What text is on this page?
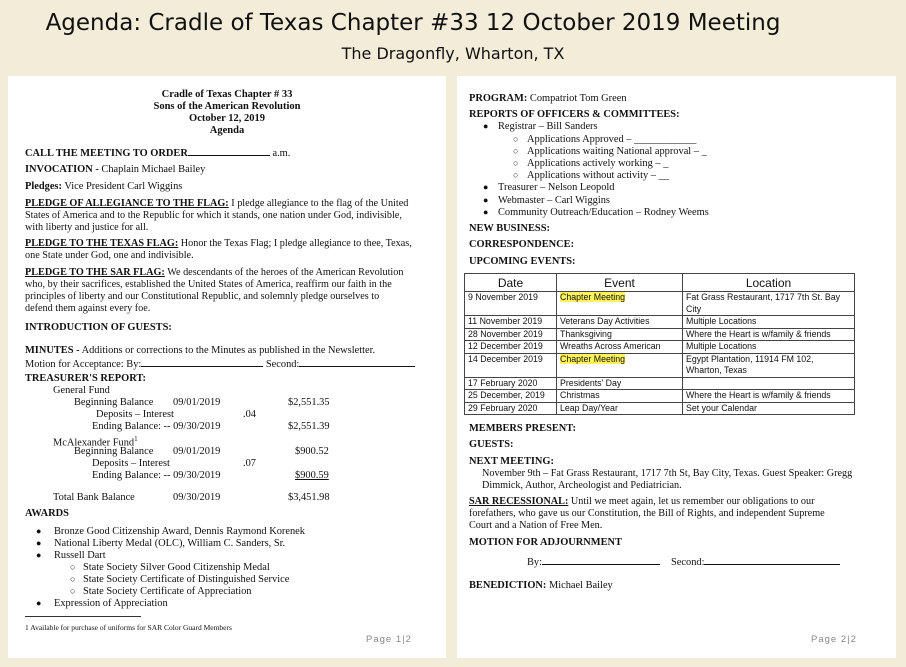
Agenda: Cradle of Texas Chapter #33 12 October 2019 Meeting
The Dragonfly, Wharton, TX
Cradle of Texas Chapter # 33
Sons of the American Revolution
October 12, 2019
Agenda
CALL THE MEETING TO ORDER	a.m.
INVOCATION - Chaplain Michael Bailey
Pledges: Vice President Carl Wiggins
PLEDGE OF ALLEGIANCE TO THE FLAG: I pledge allegiance to the flag of the United
States of America and to the Republic for which it stands, one nation under God, indivisible,
with liberty and justice for all.
PLEDGE TO THE TEXAS FLAG: Honor the Texas Flag; I pledge allegiance to thee, Texas,
one State under God, one and indivisible.
PLEDGE TO THE SAR FLAG: We descendants of the heroes of the American Revolution
who, by their sacrifices, established the United States of America, reaffirm our faith in the
principles of liberty and our Constitutional Republic, and solemnly pledge ourselves to
defend them against every foe.
INTRODUCTION OF GUESTS:
MINUTES - Additions or corrections to the Minutes as published in the Newsletter.
Motion for Acceptance: By:	Second:
TREASURER'S REPORT:
General Fund
Beginning Balance 09/01/2019	$2,551.35
Deposits – Interest	.04
Ending Balance: -- 09/30/2019	$2,551.39
McAlexander Fund$^1$
Beginning Balance 09/01/2019	$900.52
Deposits – Interest	.07
Ending Balance: -- 09/30/2019	$900.59
Total Bank Balance	09/30/2019	$3,451.98
AWARDS
● Bronze Good Citizenship Award, Dennis Raymond Korenek
● National Liberty Medal (OLC), William C. Sanders, Sr.
● Russell Dart
○ State Society Silver Good Citizenship Medal
○ State Society Certificate of Distinguished Service
○ State Society Certificate of Appreciation
● Expression of Appreciation
1 Available for purchase of uniforms for SAR Color Guard Members
Page 1|2
PROGRAM: Compatriot Tom Green
REPORTS OF OFFICERS & COMMITTEES:
● Registrar – Bill Sanders
○ Applications Approved – ____________
○ Applications waiting National approval – _
○ Applications actively working – _
○ Applications without activity – __
● Treasurer – Nelson Leopold
● Webmaster – Carl Wiggins
● Community Outreach/Education – Rodney Weems
NEW BUSINESS:
CORRESPONDENCE:
UPCOMING EVENTS:
Date	Event	Location
9 November 2019	Chapter Meeting	Fat Grass Restaurant, 1717 7th St. Bay City
11 November 2019	Veterans Day Activities	Multiple Locations
28 November 2019	Thanksgiving	Where the Heart is w/family & friends
12 December 2019	Wreaths Across American	Multiple Locations
14 December 2019	Chapter Meeting	Egypt Plantation, 11914 FM 102, Wharton, Texas
17 February 2020	Presidents' Day	
25 December, 2019	Christmas	Where the Heart is w/family & friends
29 February 2020	Leap Day/Year	Set your Calendar
MEMBERS PRESENT:
GUESTS:
NEXT MEETING:
November 9th – Fat Grass Restaurant, 1717 7th St, Bay City, Texas. Guest Speaker: Gregg
Dimmick, Author, Archeologist and Pediatrician.
SAR RECESSIONAL: Until we meet again, let us remember our obligations to our
forefathers, who gave us our Constitution, the Bill of Rights, and independent Supreme
Court and a Nation of Free Men.
MOTION FOR ADJOURNMENT
By:	Second:
BENEDICTION: Michael Bailey
Page 2|2
